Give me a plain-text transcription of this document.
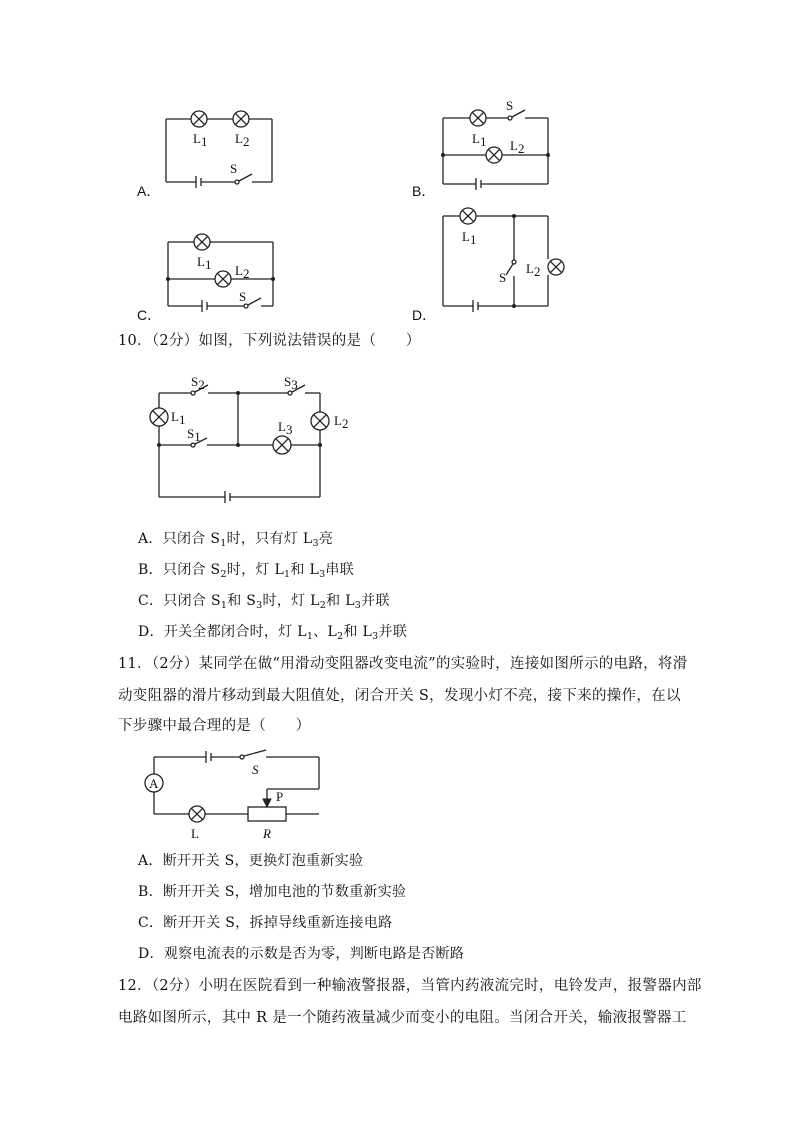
L1 L2
S
A．
S
L1 L2
B．
L1 L2
S
C．
L1
L2
S
D．
10．（2分）如图，下列说法错误的是（　　）
S2	S3
L1
S1
L3
L2
A．只闭合 $S_1$时，只有灯 $L_3$亮
B．只闭合 $S_2$时，灯 $L_1$和 $L_3$串联
C．只闭合 $S_1$和 $S_3$时，灯 $L_2$和 $L_3$并联
D．开关全都闭合时，灯 $L_1$、$L_2$和 $L_3$并联
11．（2分）某同学在做“用滑动变阻器改变电流”的实验时，连接如图所示的电路，将滑
动变阻器的滑片移动到最大阻值处，闭合开关 S，发现小灯不亮，接下来的操作，在以
下步骤中最合理的是（　　）
A
S
P
L	R
A．断开开关 S，更换灯泡重新实验
B．断开开关 S，增加电池的节数重新实验
C．断开开关 S，拆掉导线重新连接电路
D．观察电流表的示数是否为零，判断电路是否断路
12．（2分）小明在医院看到一种输液警报器，当管内药液流完时，电铃发声，报警器内部
电路如图所示，其中 R 是一个随药液量减少而变小的电阻。当闭合开关，输液报警器工
